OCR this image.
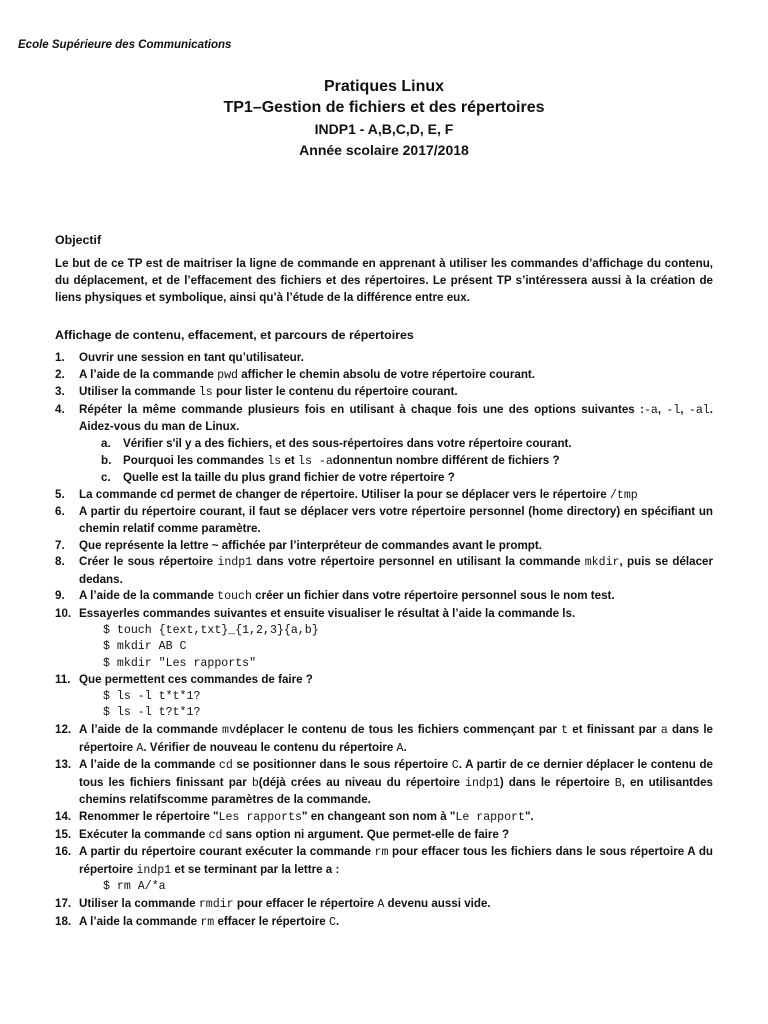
Ecole Supérieure des Communications
Pratiques Linux
TP1–Gestion de fichiers et des répertoires
INDP1 - A,B,C,D, E, F
Année scolaire 2017/2018
Objectif
Le but de ce TP est de maitriser la ligne de commande en apprenant à utiliser les commandes d’affichage du contenu, du déplacement, et de l’effacement des fichiers et des répertoires. Le présent TP s’intéressera aussi à la création de liens physiques et symbolique, ainsi qu’à l’étude de la différence entre eux.
Affichage de contenu, effacement, et parcours de répertoires
1. Ouvrir une session en tant qu’utilisateur.
2. A l’aide de la commande pwd afficher le chemin absolu de votre répertoire courant.
3. Utiliser la commande ls pour lister le contenu du répertoire courant.
4. Répéter la même commande plusieurs fois en utilisant à chaque fois une des options suivantes :-a, -l, -al. Aidez-vous du man de Linux.
a. Vérifier s'il y a des fichiers, et des sous-répertoires dans votre répertoire courant.
b. Pourquoi les commandes ls et ls -adonnentun nombre différent de fichiers ?
c. Quelle est la taille du plus grand fichier de votre répertoire ?
5. La commande cd permet de changer de répertoire. Utiliser la pour se déplacer vers le répertoire /tmp
6. A partir du répertoire courant, il faut se déplacer vers votre répertoire personnel (home directory) en spécifiant un chemin relatif comme paramètre.
7. Que représente la lettre ~ affichée par l’interpréteur de commandes avant le prompt.
8. Créer le sous répertoire indp1 dans votre répertoire personnel en utilisant la commande mkdir, puis se délacer dedans.
9. A l’aide de la commande touch créer un fichier dans votre répertoire personnel sous le nom test.
10. Essayerles commandes suivantes et ensuite visualiser le résultat à l’aide la commande ls.
$ touch {text,txt}_{1,2,3}{a,b}
$ mkdir AB C
$ mkdir "Les rapports"
11. Que permettent ces commandes de faire ?
$ ls -l t*t*1?
$ ls -l t?t*1?
12. A l’aide de la commande mvdéplacer le contenu de tous les fichiers commençant par t et finissant par a dans le répertoire A. Vérifier de nouveau le contenu du répertoire A.
13. A l’aide de la commande cd se positionner dans le sous répertoire C. A partir de ce dernier déplacer le contenu de tous les fichiers finissant par b(déjà crées au niveau du répertoire indp1) dans le répertoire B, en utilisantdes chemins relatifscomme paramètres de la commande.
14. Renommer le répertoire "Les rapports" en changeant son nom à "Le rapport".
15. Exécuter la commande cd sans option ni argument. Que permet-elle de faire ?
16. A partir du répertoire courant exécuter la commande rm pour effacer tous les fichiers dans le sous répertoire A du répertoire indp1 et se terminant par la lettre a :
$ rm A/*a
17. Utiliser la commande rmdir pour effacer le répertoire A devenu aussi vide.
18. A l’aide la commande rm effacer le répertoire C.
